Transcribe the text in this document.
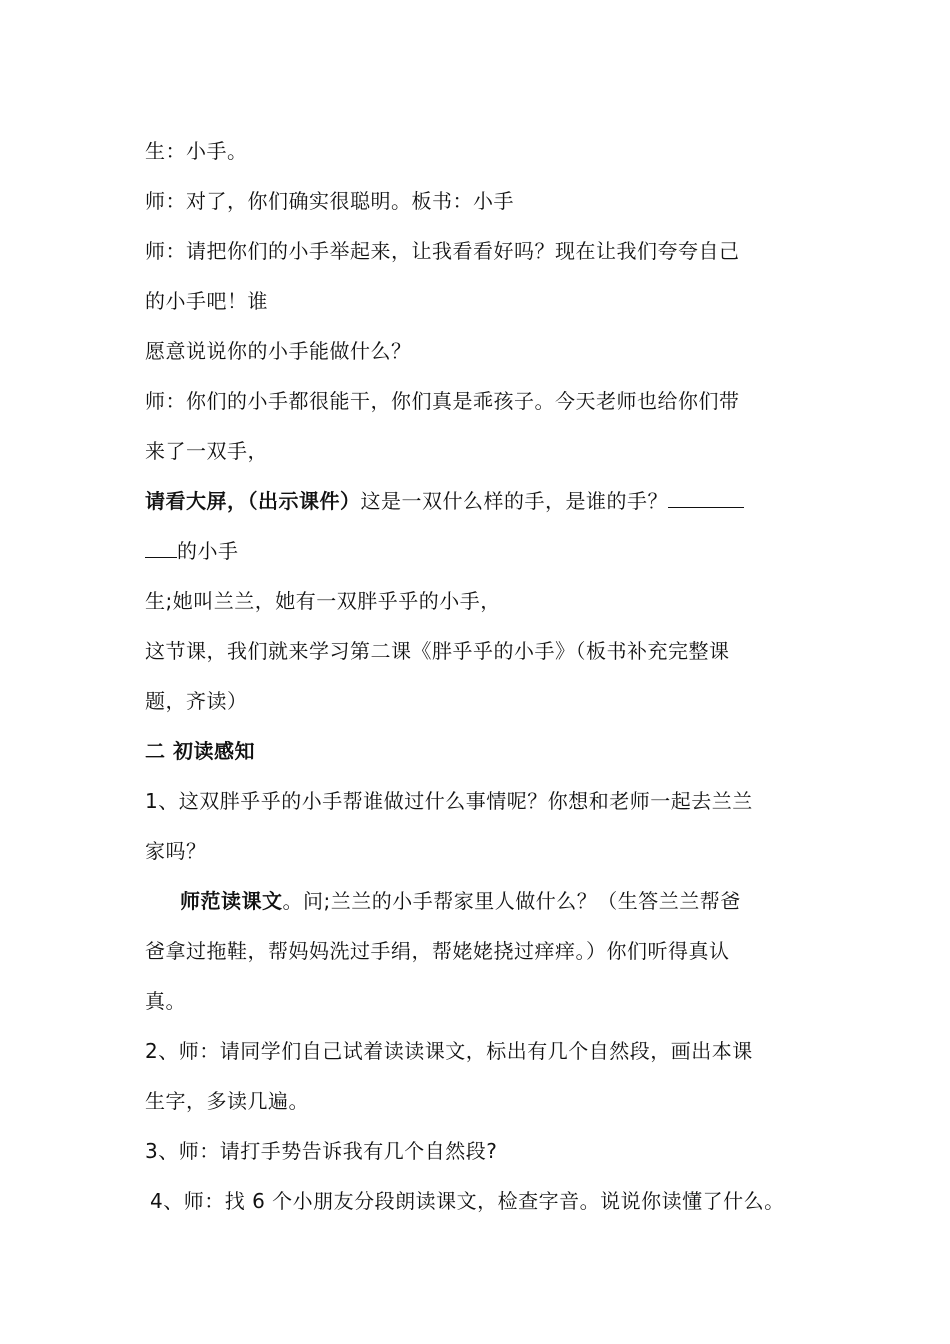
生：小手。
师：对了，你们确实很聪明。板书：小手
师：请把你们的小手举起来，让我看看好吗？现在让我们夸夸自己
的小手吧！谁
愿意说说你的小手能做什么？
师：你们的小手都很能干，你们真是乖孩子。今天老师也给你们带
来了一双手，
请看大屏，（出示课件）这是一双什么样的手，是谁的手？
的小手
生;她叫兰兰，她有一双胖乎乎的小手，
这节课，我们就来学习第二课《胖乎乎的小手》（板书补充完整课
题，齐读）
二 初读感知
1、这双胖乎乎的小手帮谁做过什么事情呢？你想和老师一起去兰兰
家吗？
师范读课文。问;兰兰的小手帮家里人做什么？（生答兰兰帮爸
爸拿过拖鞋，帮妈妈洗过手绢，帮姥姥挠过痒痒。）你们听得真认
真。
2、师：请同学们自己试着读读课文，标出有几个自然段，画出本课
生字，多读几遍。
3、师：请打手势告诉我有几个自然段?
4、师：找 6 个小朋友分段朗读课文，检查字音。说说你读懂了什么。
